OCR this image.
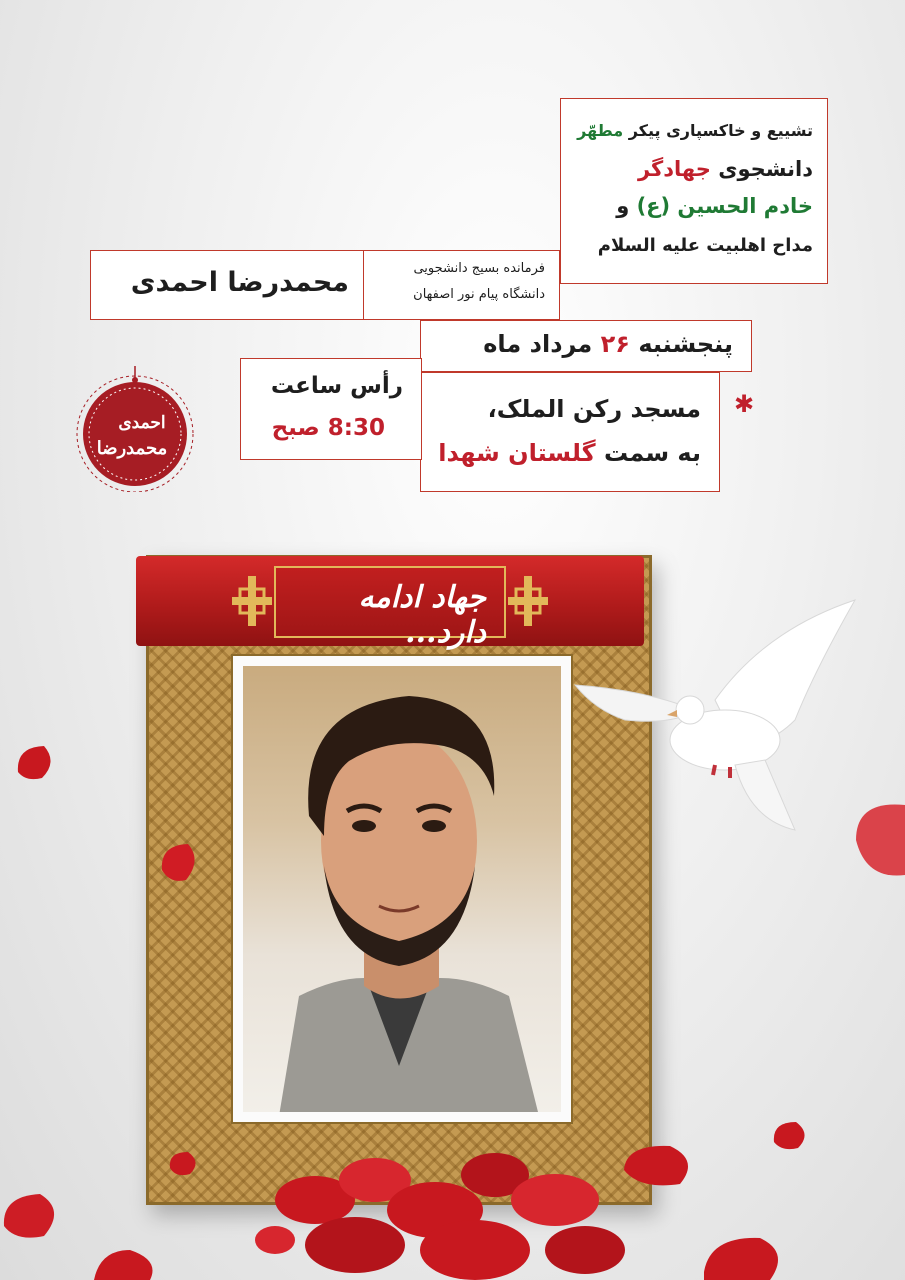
تشییع و خاکسپاری پیکر مطهّر
دانشجوی جهادگر
خادم الحسین (ع) و
مداح اهلبیت علیه السلام
محمدرضا احمدی	فرمانده بسیج دانشجویی
دانشگاه پیام نور اصفهان
پنجشنبه ۲۶ مرداد ماه
مسجد رکن الملک،
به سمت گلستان شهدا
رأس ساعت
8:30 صبح
✱
احمدی
محمدرضا
جهاد ادامه دارد...
